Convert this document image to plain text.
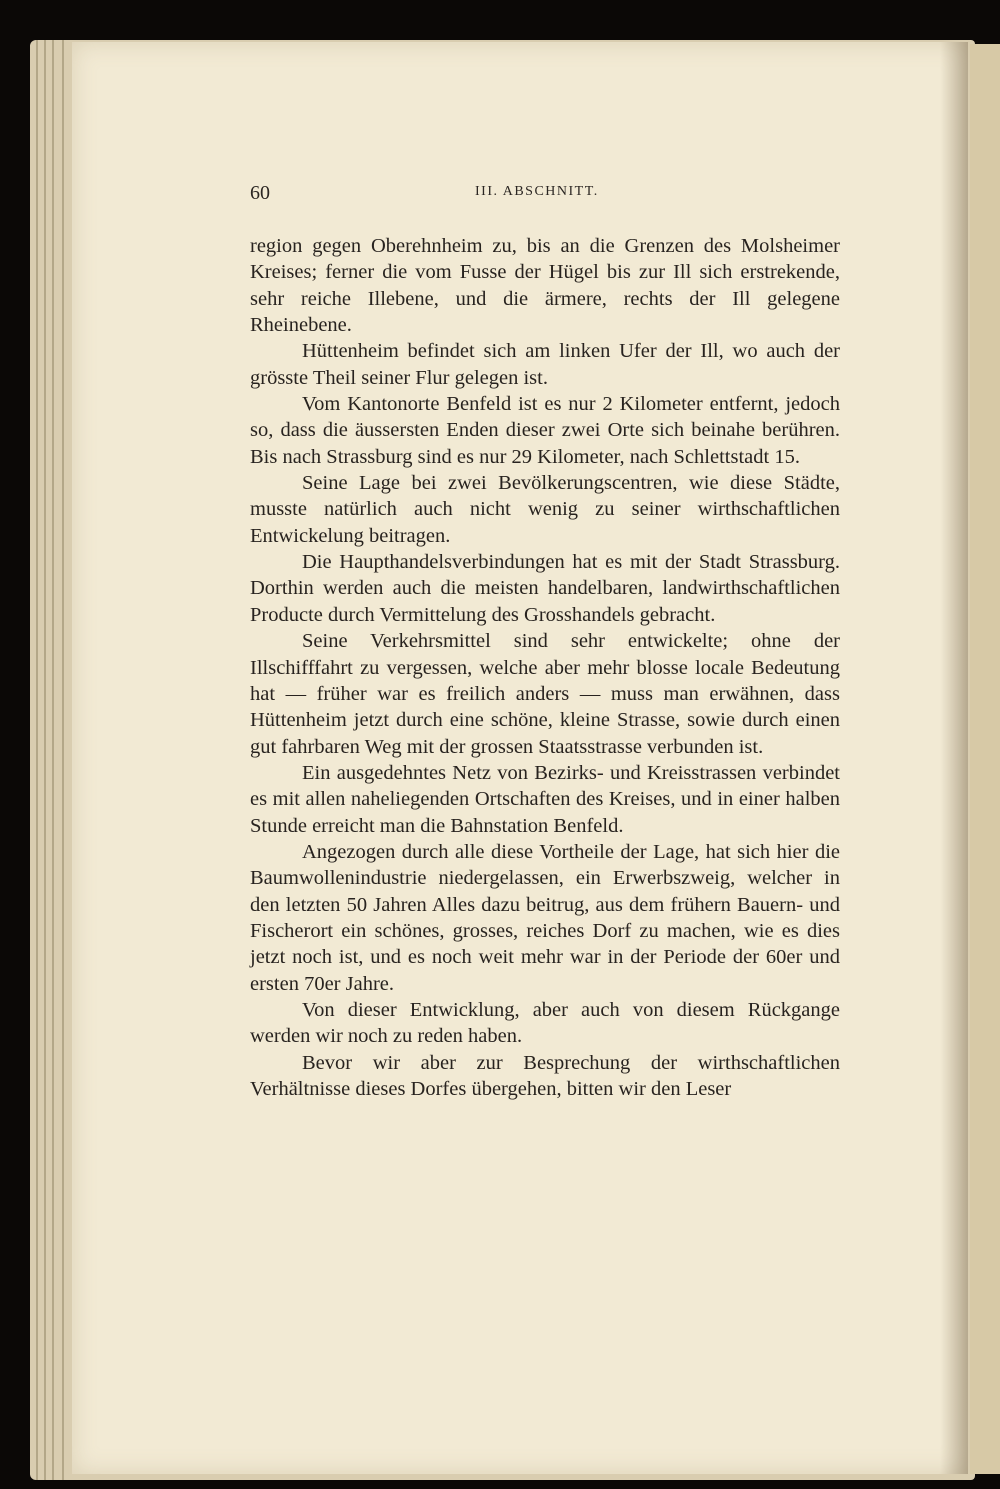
60	III. ABSCHNITT.

region gegen Oberehnheim zu, bis an die Grenzen des Molsheimer Kreises; ferner die vom Fusse der Hügel bis zur Ill sich erstrekende, sehr reiche Illebene, und die ärmere, rechts der Ill gelegene Rheinebene.

Hüttenheim befindet sich am linken Ufer der Ill, wo auch der grösste Theil seiner Flur gelegen ist.

Vom Kantonorte Benfeld ist es nur 2 Kilometer entfernt, jedoch so, dass die äussersten Enden dieser zwei Orte sich beinahe berühren. Bis nach Strassburg sind es nur 29 Kilometer, nach Schlettstadt 15.

Seine Lage bei zwei Bevölkerungscentren, wie diese Städte, musste natürlich auch nicht wenig zu seiner wirthschaftlichen Entwickelung beitragen.

Die Haupthandelsverbindungen hat es mit der Stadt Strassburg. Dorthin werden auch die meisten handelbaren, landwirthschaftlichen Producte durch Vermittelung des Grosshandels gebracht.

Seine Verkehrsmittel sind sehr entwickelte; ohne der Illschifffahrt zu vergessen, welche aber mehr blosse locale Bedeutung hat — früher war es freilich anders — muss man erwähnen, dass Hüttenheim jetzt durch eine schöne, kleine Strasse, sowie durch einen gut fahrbaren Weg mit der grossen Staatsstrasse verbunden ist.

Ein ausgedehntes Netz von Bezirks- und Kreisstrassen verbindet es mit allen naheliegenden Ortschaften des Kreises, und in einer halben Stunde erreicht man die Bahnstation Benfeld.

Angezogen durch alle diese Vortheile der Lage, hat sich hier die Baumwollenindustrie niedergelassen, ein Erwerbszweig, welcher in den letzten 50 Jahren Alles dazu beitrug, aus dem frühern Bauern- und Fischerort ein schönes, grosses, reiches Dorf zu machen, wie es dies jetzt noch ist, und es noch weit mehr war in der Periode der 60er und ersten 70er Jahre.

Von dieser Entwicklung, aber auch von diesem Rückgange werden wir noch zu reden haben.

Bevor wir aber zur Besprechung der wirthschaftlichen Verhältnisse dieses Dorfes übergehen, bitten wir den Leser
